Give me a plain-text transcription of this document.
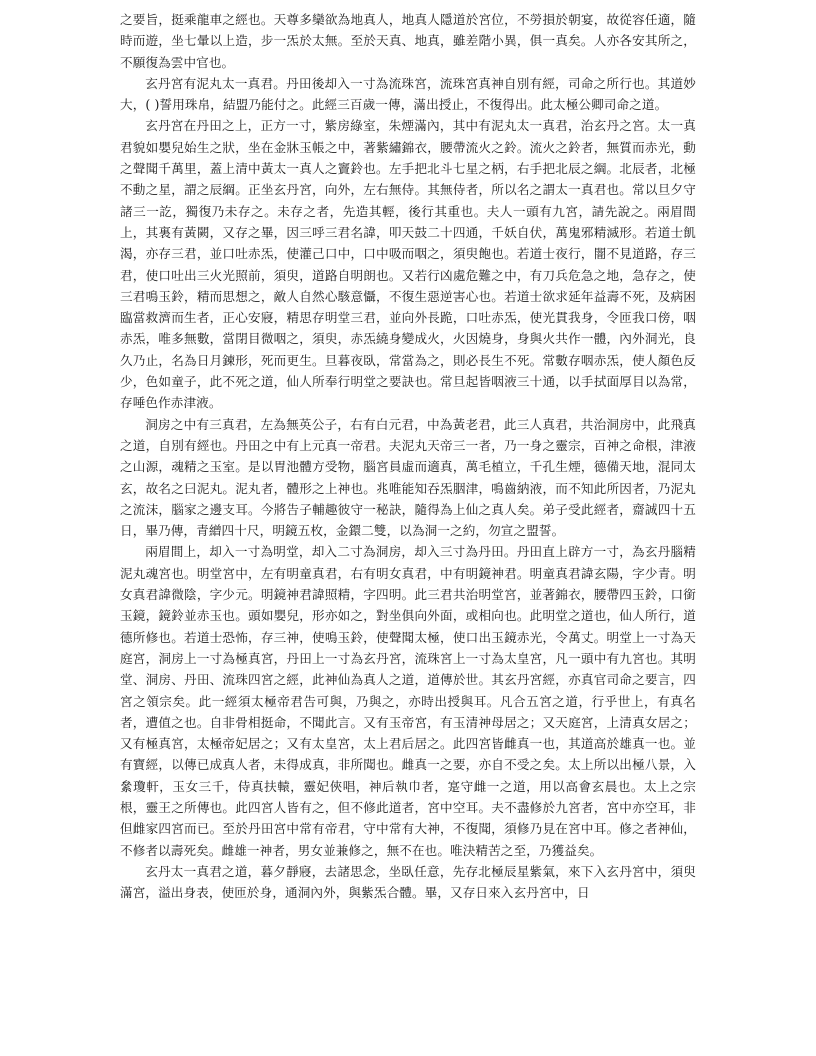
之要旨，挺乘龍車之經也。天尊多欒欲為地真人，地真人隱道於宮位，不勞損於朝宴，故從容任適，隨時而遊，坐七暈以上造，步一炁於太無。至於天真、地真，雖差階小異，俱一真矣。人亦各安其所之，不願復為雲中官也。

玄丹宮有泥丸太一真君。丹田後却入一寸為流珠宮，流珠宮真神自別有經，司命之所行也。其道妙大，( )誓用珠帛，結盟乃能付之。此經三百歲一傳，滿出授止，不復得出。此太極公卿司命之道。

玄丹宮在丹田之上，正方一寸，紫房綠室，朱煙滿內，其中有泥丸太一真君，治玄丹之宮。太一真君貌如嬰兒始生之狀，坐在金牀玉帳之中，著紫繡錦衣，腰帶流火之鈴。流火之鈴者，無質而赤光，動之聲聞千萬里，蓋上清中黃太一真人之竇鈴也。左手把北斗七星之柄，右手把北辰之綱。北辰者，北極不動之星，謂之辰綱。正坐玄丹宮，向外，左右無侍。其無侍者，所以名之謂太一真君也。常以旦夕守諸三一訖，獨復乃未存之。未存之者，先造其輕，後行其重也。夫人一頭有九宮，請先說之。兩眉間上，其裏有黃闕，又存之畢，因三呼三君名諱，叩天鼓二十四通，千妖自伏，萬鬼邪精滅形。若道士飢渴，亦存三君，並口吐赤炁，使灌己口中，口中吸而咽之，須臾飽也。若道士夜行，闇不見道路，存三君，使口吐出三火光照前，須臾，道路自明朗也。又若行凶處危難之中，有刀兵危急之地，急存之，使三君鳴玉鈴，精而思想之，敵人自然心駭意懾，不復生惡逆害心也。若道士欲求延年益壽不死，及病困臨當救濟而生者，正心安寢，精思存明堂三君，並向外長跪，口吐赤炁，使光貫我身，令匝我口傍，咽赤炁，唯多無數，當閉目微咽之，須臾，赤炁繞身變成火，火因燒身，身與火共作一體，內外洞光，良久乃止，名為日月鍊形，死而更生。旦暮夜臥，常當為之，則必長生不死。常數存咽赤炁，使人顏色反少，色如童子，此不死之道，仙人所奉行明堂之要訣也。常旦起皆咽液三十通，以手拭面厚目以為常，存唾色作赤津液。

洞房之中有三真君，左為無英公子，右有白元君，中為黃老君，此三人真君，共治洞房中，此飛真之道，自別有經也。丹田之中有上元真一帝君。夫泥丸天帝三一者，乃一身之靈宗，百神之命根，津液之山源，魂精之玉室。是以胃池體方受物，腦宮員虛而適真，萬毛植立，千孔生煙，德備天地，混同太玄，故名之曰泥丸。泥丸者，體形之上神也。兆唯能知吞炁胭津，鳴齒納液，而不知此所因者，乃泥丸之流沫，腦家之邊支耳。今將告子輔趣彼守一秘訣，隨得為上仙之真人矣。弟子受此經者，齋誠四十五日，畢乃傳，青繒四十尺，明鏡五枚，金鐶二雙，以為洞一之約，勿宣之盟誓。

兩眉間上，却入一寸為明堂，却入二寸為洞房，却入三寸為丹田。丹田直上辟方一寸，為玄丹腦精泥丸魂宮也。明堂宮中，左有明童真君，右有明女真君，中有明鏡神君。明童真君諱玄陽，字少青。明女真君諱微陰，字少元。明鏡神君諱照精，字四明。此三君共治明堂宮，並著錦衣，腰帶四玉鈴，口銜玉鏡，鏡鈴並赤玉也。頭如嬰兒，形亦如之，對坐俱向外面，或相向也。此明堂之道也，仙人所行，道德所修也。若道士恐怖，存三神，使鳴玉鈴，使聲聞太極，使口出玉鏡赤光，令萬丈。明堂上一寸為天庭宮，洞房上一寸為極真宮，丹田上一寸為玄丹宮，流珠宮上一寸為太皇宮，凡一頭中有九宮也。其明堂、洞房、丹田、流珠四宮之經，此神仙為真人之道，道傳於世。其玄丹宮經，亦真官司命之要言，四宮之領宗矣。此一經須太極帝君告可與，乃與之，亦時出授與耳。凡合五宮之道，行乎世上，有真名者，遭值之也。自非骨相挺命，不聞此言。又有玉帝宮，有玉清神母居之；又天庭宮，上清真女居之；又有極真宮，太極帝妃居之；又有太皇宮，太上君后居之。此四宮皆雌真一也，其道高於雄真一也。並有寶經，以傳已成真人者，未得成真，非所聞也。雌真一之要，亦自不受之矣。太上所以出極八景，入絫瓊軒，玉女三千，侍真扶轅，靈妃俠唱，神后執巾者，寔守雌一之道，用以高會玄晨也。太上之宗根，靈王之所傳也。此四宮人皆有之，但不修此道者，宮中空耳。夫不盡修於九宮者，宮中亦空耳，非但雌家四宮而已。至於丹田宮中常有帝君，守中常有大神，不復聞，須修乃見在宮中耳。修之者神仙，不修者以壽死矣。雌雄一神者，男女並兼修之，無不在也。唯決精苦之至，乃獲益矣。

玄丹太一真君之道，暮夕靜寢，去諸思念，坐臥任意，先存北極辰星紫氣，來下入玄丹宮中，須臾滿宮，溢出身表，使匝於身，通洞內外，與紫炁合體。畢，又存日來入玄丹宮中，日
